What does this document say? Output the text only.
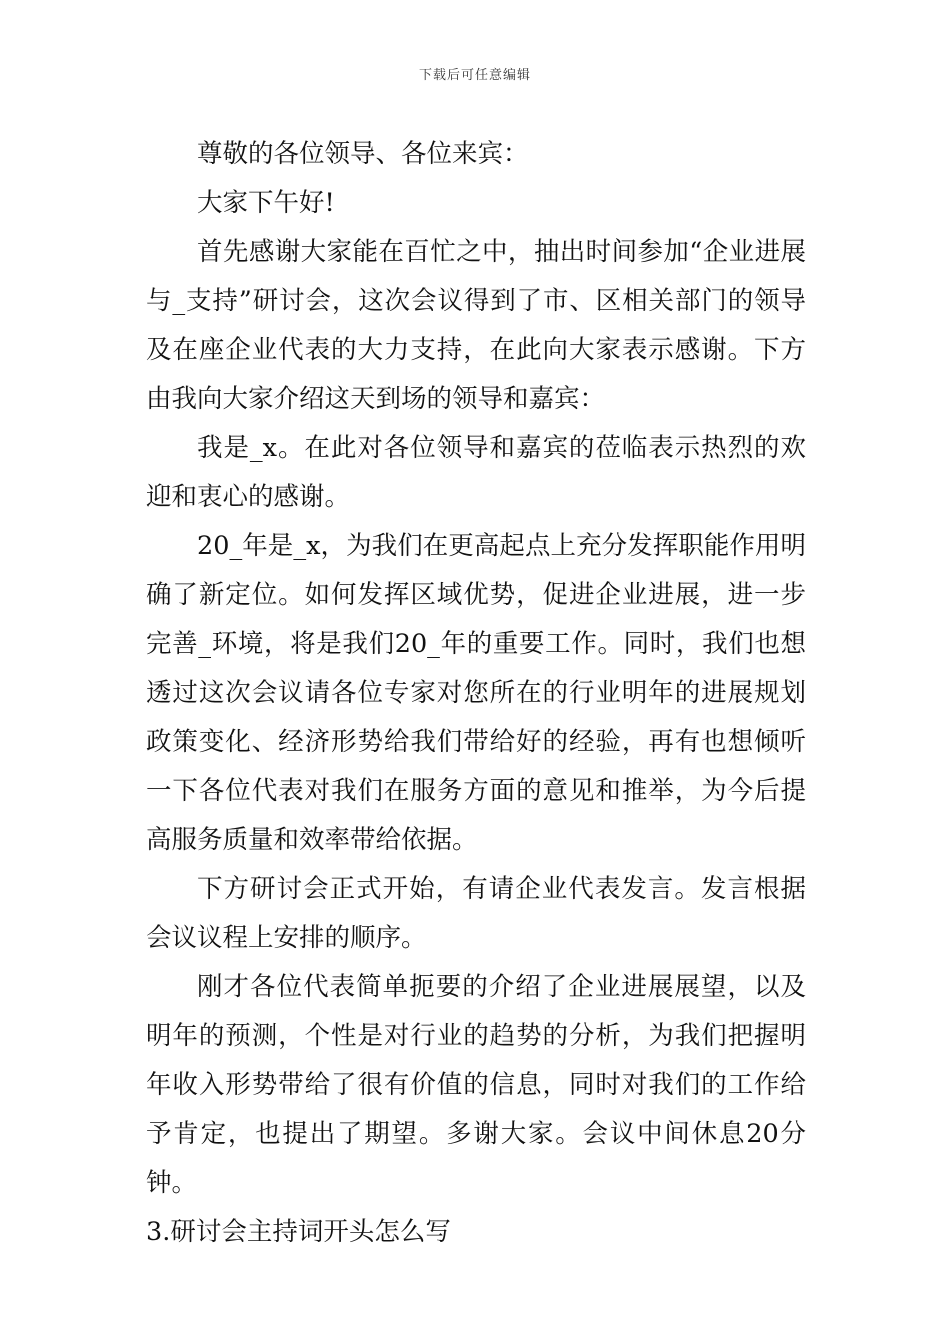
下载后可任意编辑

尊敬的各位领导、各位来宾：

大家下午好!

首先感谢大家能在百忙之中，抽出时间参加“企业进展与_支持”研讨会，这次会议得到了市、区相关部门的领导及在座企业代表的大力支持，在此向大家表示感谢。下方由我向大家介绍这天到场的领导和嘉宾：

我是_x。在此对各位领导和嘉宾的莅临表示热烈的欢迎和衷心的感谢。

20_年是_x，为我们在更高起点上充分发挥职能作用明确了新定位。如何发挥区域优势，促进企业进展，进一步完善_环境，将是我们20_年的重要工作。同时，我们也想透过这次会议请各位专家对您所在的行业明年的进展规划政策变化、经济形势给我们带给好的经验，再有也想倾听一下各位代表对我们在服务方面的意见和推举，为今后提高服务质量和效率带给依据。

下方研讨会正式开始，有请企业代表发言。发言根据会议议程上安排的顺序。

刚才各位代表简单扼要的介绍了企业进展展望，以及明年的预测，个性是对行业的趋势的分析，为我们把握明年收入形势带给了很有价值的信息，同时对我们的工作给予肯定，也提出了期望。多谢大家。会议中间休息20分钟。

3.研讨会主持词开头怎么写
